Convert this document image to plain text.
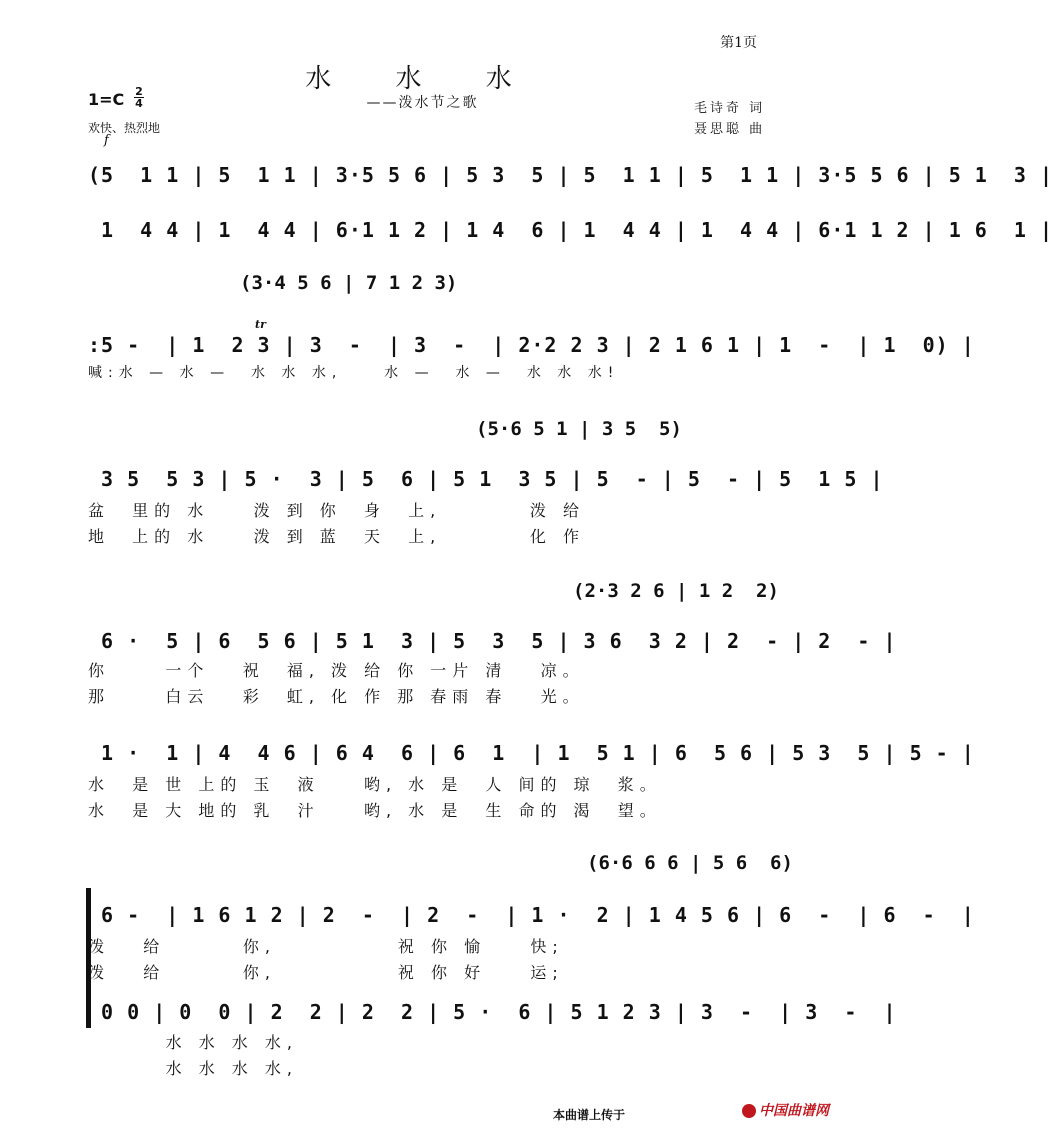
第1页
水 水 水
——泼水节之歌
1=C 2
4
欢快、热烈地
f
毛诗奇 词
聂思聪 曲
(5  1 1 | 5  1 1 | 3·5 5 6 | 5 3  5 | 5  1 1 | 5  1 1 | 3·5 5 6 | 5 1  3 |
1  4 4 | 1  4 4 | 6·1 1 2 | 1 4  6 | 1  4 4 | 1  4 4 | 6·1 1 2 | 1 6  1 |
(3·4 5 6 | 7 1 2 3)
tr
:5 -  | 1  2 3 | 3  -  | 3  -  | 2·2 2 3 | 2 1 6 1 | 1  -  | 1  0) |
喊:水 — 水 —  水 水 水,    水 —  水 —  水 水 水!
(5·6 5 1 | 3 5  5)
3 5  5 3 | 5 ·  3 | 5  6 | 5 1  3 5 | 5  - | 5  - | 5  1 5 |
盆  里的 水    泼 到 你  身  上,        泼 给
地  上的 水    泼 到 蓝  天  上,        化 作
(2·3 2 6 | 1 2  2)
6 ·  5 | 6  5 6 | 5 1  3 | 5  3  5 | 3 6  3 2 | 2  - | 2  - |
你     一个   祝  福, 泼 给 你 一片 清   凉。
那     白云   彩  虹, 化 作 那 春雨 春   光。
1 ·  1 | 4  4 6 | 6 4  6 | 6  1  | 1  5 1 | 6  5 6 | 5 3  5 | 5 - |
水  是 世 上的 玉  液    哟, 水 是  人 间的 琼  浆。
水  是 大 地的 乳  汁    哟, 水 是  生 命的 渴  望。
(6·6 6 6 | 5 6  6)
6 -  | 1 6 1 2 | 2  -  | 2  -  | 1 ·  2 | 1 4 5 6 | 6  -  | 6  -  |
泼   给       你,           祝 你 愉    快;
泼   给       你,           祝 你 好    运;
0 0 | 0  0 | 2  2 | 2  2 | 5 ·  6 | 5 1 2 3 | 3  -  | 3  -  |
水 水 水 水,
水 水 水 水,
本曲谱上传于	中国曲谱网
